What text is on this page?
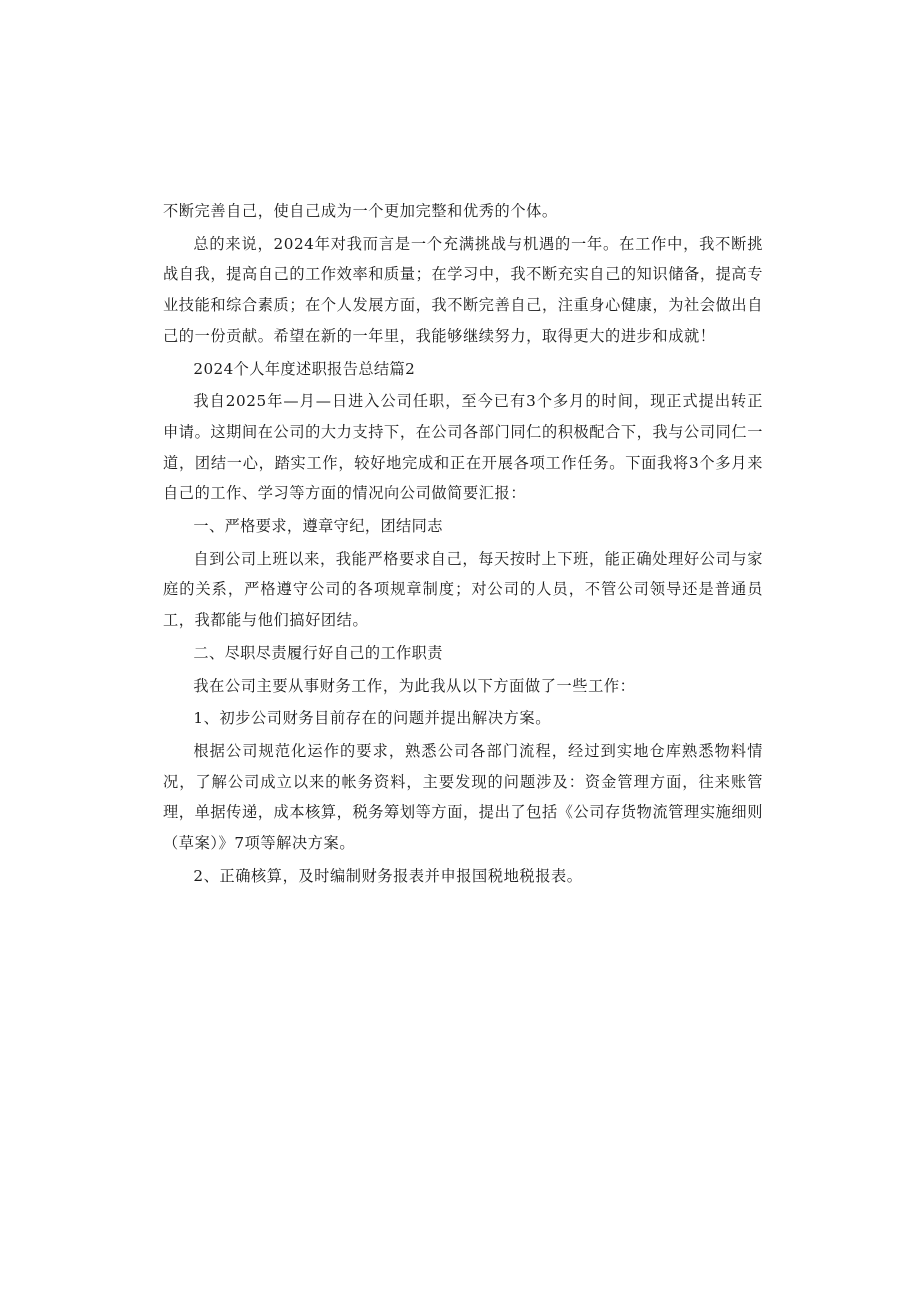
不断完善自己，使自己成为一个更加完整和优秀的个体。

总的来说，2024年对我而言是一个充满挑战与机遇的一年。在工作中，我不断挑战自我，提高自己的工作效率和质量；在学习中，我不断充实自己的知识储备，提高专业技能和综合素质；在个人发展方面，我不断完善自己，注重身心健康，为社会做出自己的一份贡献。希望在新的一年里，我能够继续努力，取得更大的进步和成就！

2024个人年度述职报告总结篇2

我自2025年—月—日进入公司任职，至今已有3个多月的时间，现正式提出转正申请。这期间在公司的大力支持下，在公司各部门同仁的积极配合下，我与公司同仁一道，团结一心，踏实工作，较好地完成和正在开展各项工作任务。下面我将3个多月来自己的工作、学习等方面的情况向公司做简要汇报：

一、严格要求，遵章守纪，团结同志

自到公司上班以来，我能严格要求自己，每天按时上下班，能正确处理好公司与家庭的关系，严格遵守公司的各项规章制度；对公司的人员，不管公司领导还是普通员工，我都能与他们搞好团结。

二、尽职尽责履行好自己的工作职责

我在公司主要从事财务工作，为此我从以下方面做了一些工作：

1、初步公司财务目前存在的问题并提出解决方案。

根据公司规范化运作的要求，熟悉公司各部门流程，经过到实地仓库熟悉物料情况，了解公司成立以来的帐务资料，主要发现的问题涉及：资金管理方面，往来账管理，单据传递，成本核算，税务筹划等方面，提出了包括《公司存货物流管理实施细则（草案）》7项等解决方案。

2、正确核算，及时编制财务报表并申报国税地税报表。
